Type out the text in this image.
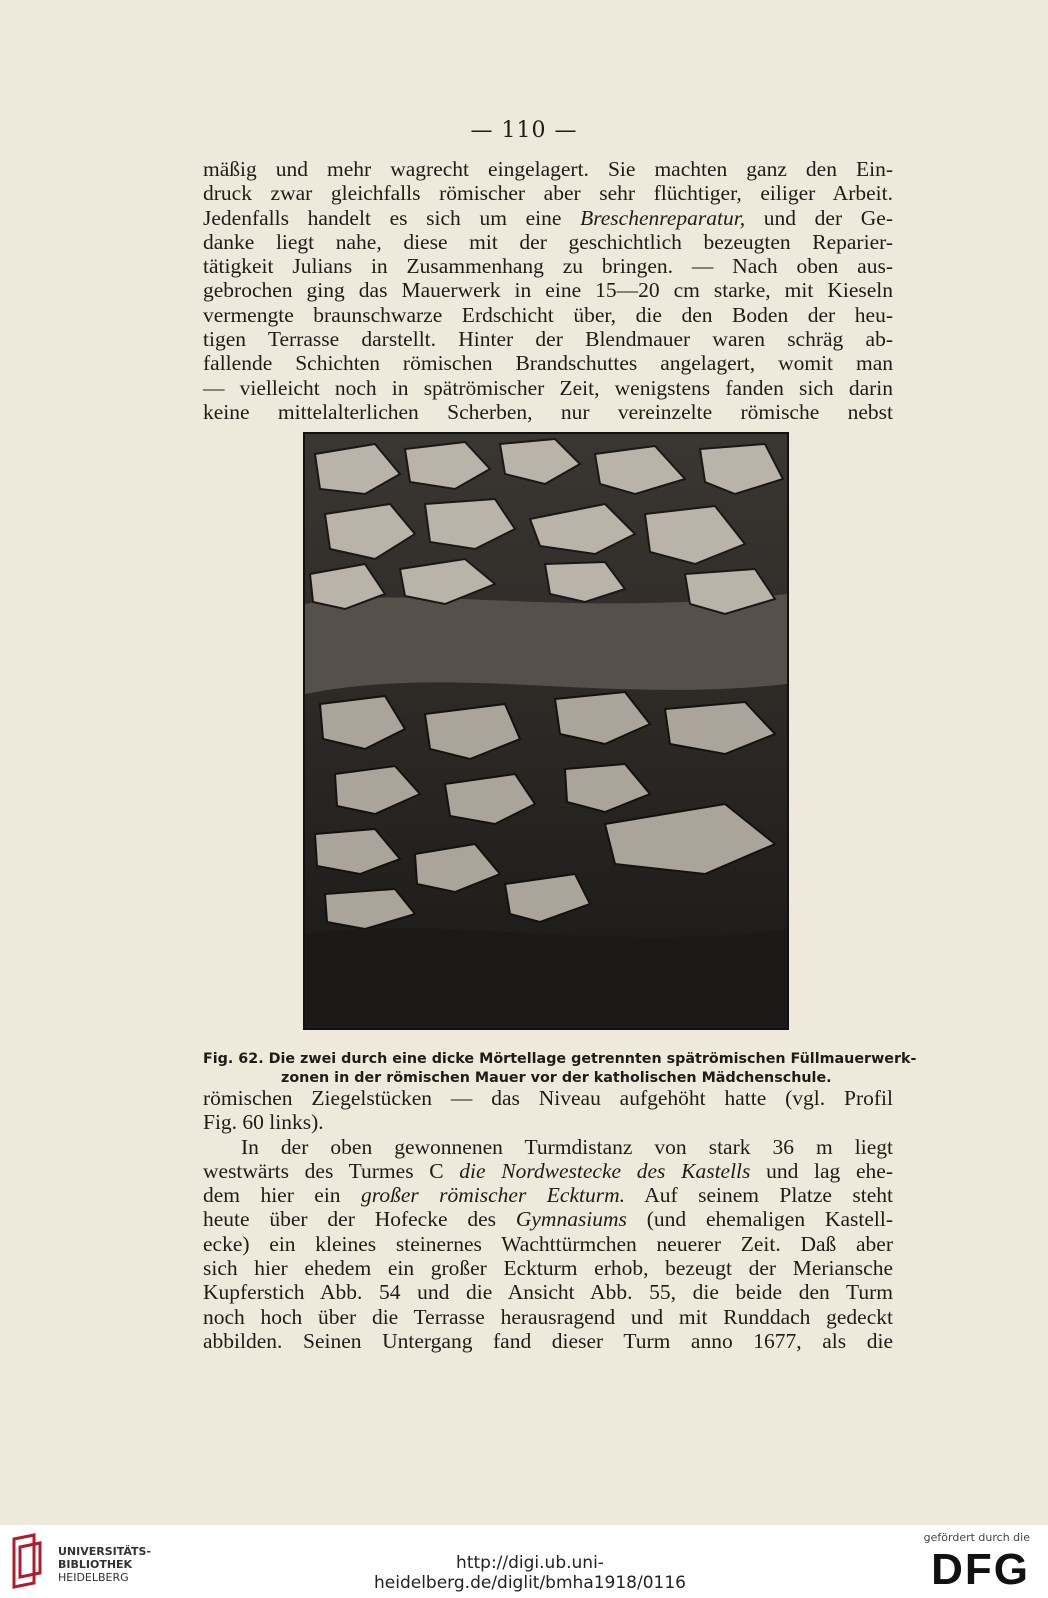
— 110 —
mäßig und mehr wagrecht eingelagert. Sie machten ganz den Ein-
druck zwar gleichfalls römischer aber sehr flüchtiger, eiliger Arbeit.
Jedenfalls handelt es sich um eine Breschenreparatur, und der Ge-
danke liegt nahe, diese mit der geschichtlich bezeugten Reparier-
tätigkeit Julians in Zusammenhang zu bringen. — Nach oben aus-
gebrochen ging das Mauerwerk in eine 15—20 cm starke, mit Kieseln
vermengte braunschwarze Erdschicht über, die den Boden der heu-
tigen Terrasse darstellt. Hinter der Blendmauer waren schräg ab-
fallende Schichten römischen Brandschuttes angelagert, womit man
— vielleicht noch in spätrömischer Zeit, wenigstens fanden sich darin
keine mittelalterlichen Scherben, nur vereinzelte römische nebst
Fig. 62. Die zwei durch eine dicke Mörtellage getrennten spätrömischen Füllmauerwerk-
zonen in der römischen Mauer vor der katholischen Mädchenschule.
römischen Ziegelstücken — das Niveau aufgehöht hatte (vgl. Profil
Fig. 60 links).
In der oben gewonnenen Turmdistanz von stark 36 m liegt
westwärts des Turmes C die Nordwestecke des Kastells und lag ehe-
dem hier ein großer römischer Eckturm. Auf seinem Platze steht
heute über der Hofecke des Gymnasiums (und ehemaligen Kastell-
ecke) ein kleines steinernes Wachttürmchen neuerer Zeit. Daß aber
sich hier ehedem ein großer Eckturm erhob, bezeugt der Meriansche
Kupferstich Abb. 54 und die Ansicht Abb. 55, die beide den Turm
noch hoch über die Terrasse herausragend und mit Runddach gedeckt
abbilden. Seinen Untergang fand dieser Turm anno 1677, als die
UNIVERSITÄTS-
BIBLIOTHEK
HEIDELBERG
http://digi.ub.uni-heidelberg.de/diglit/bmha1918/0116
gefördert durch die
DFG
